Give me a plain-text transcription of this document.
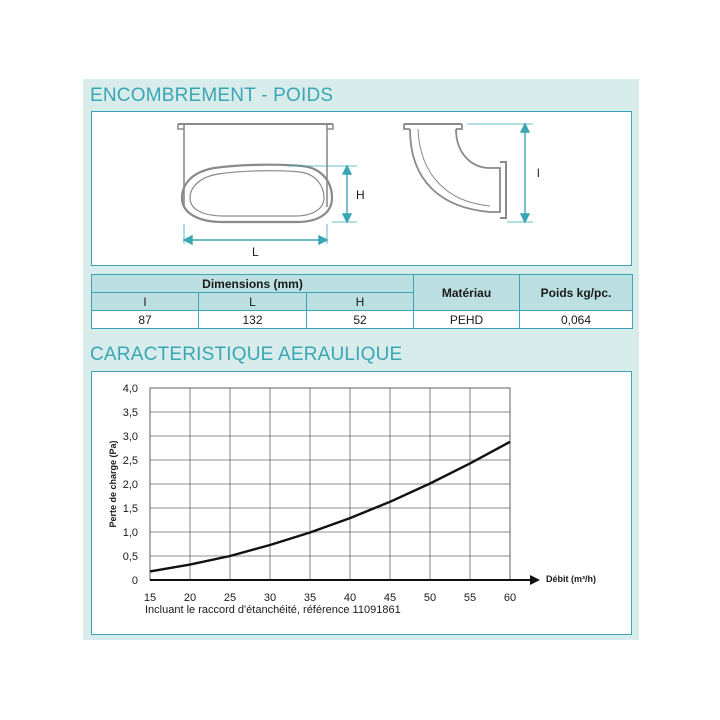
ENCOMBREMENT - POIDS
L
H
l
Dimensions (mm)			Matériau	Poids kg/pc.
l	L	H		
87	132	52	PEHD	0,064
CARACTERISTIQUE AERAULIQUE
15	20	25	30	35	40	45	50	55	60
0
0,5
1,0
1,5
2,0
2,5
3,0
3,5
4,0
Débit (m³/h)
Perte de charge (Pa)
Incluant le raccord d'étanchéité, référence 11091861
